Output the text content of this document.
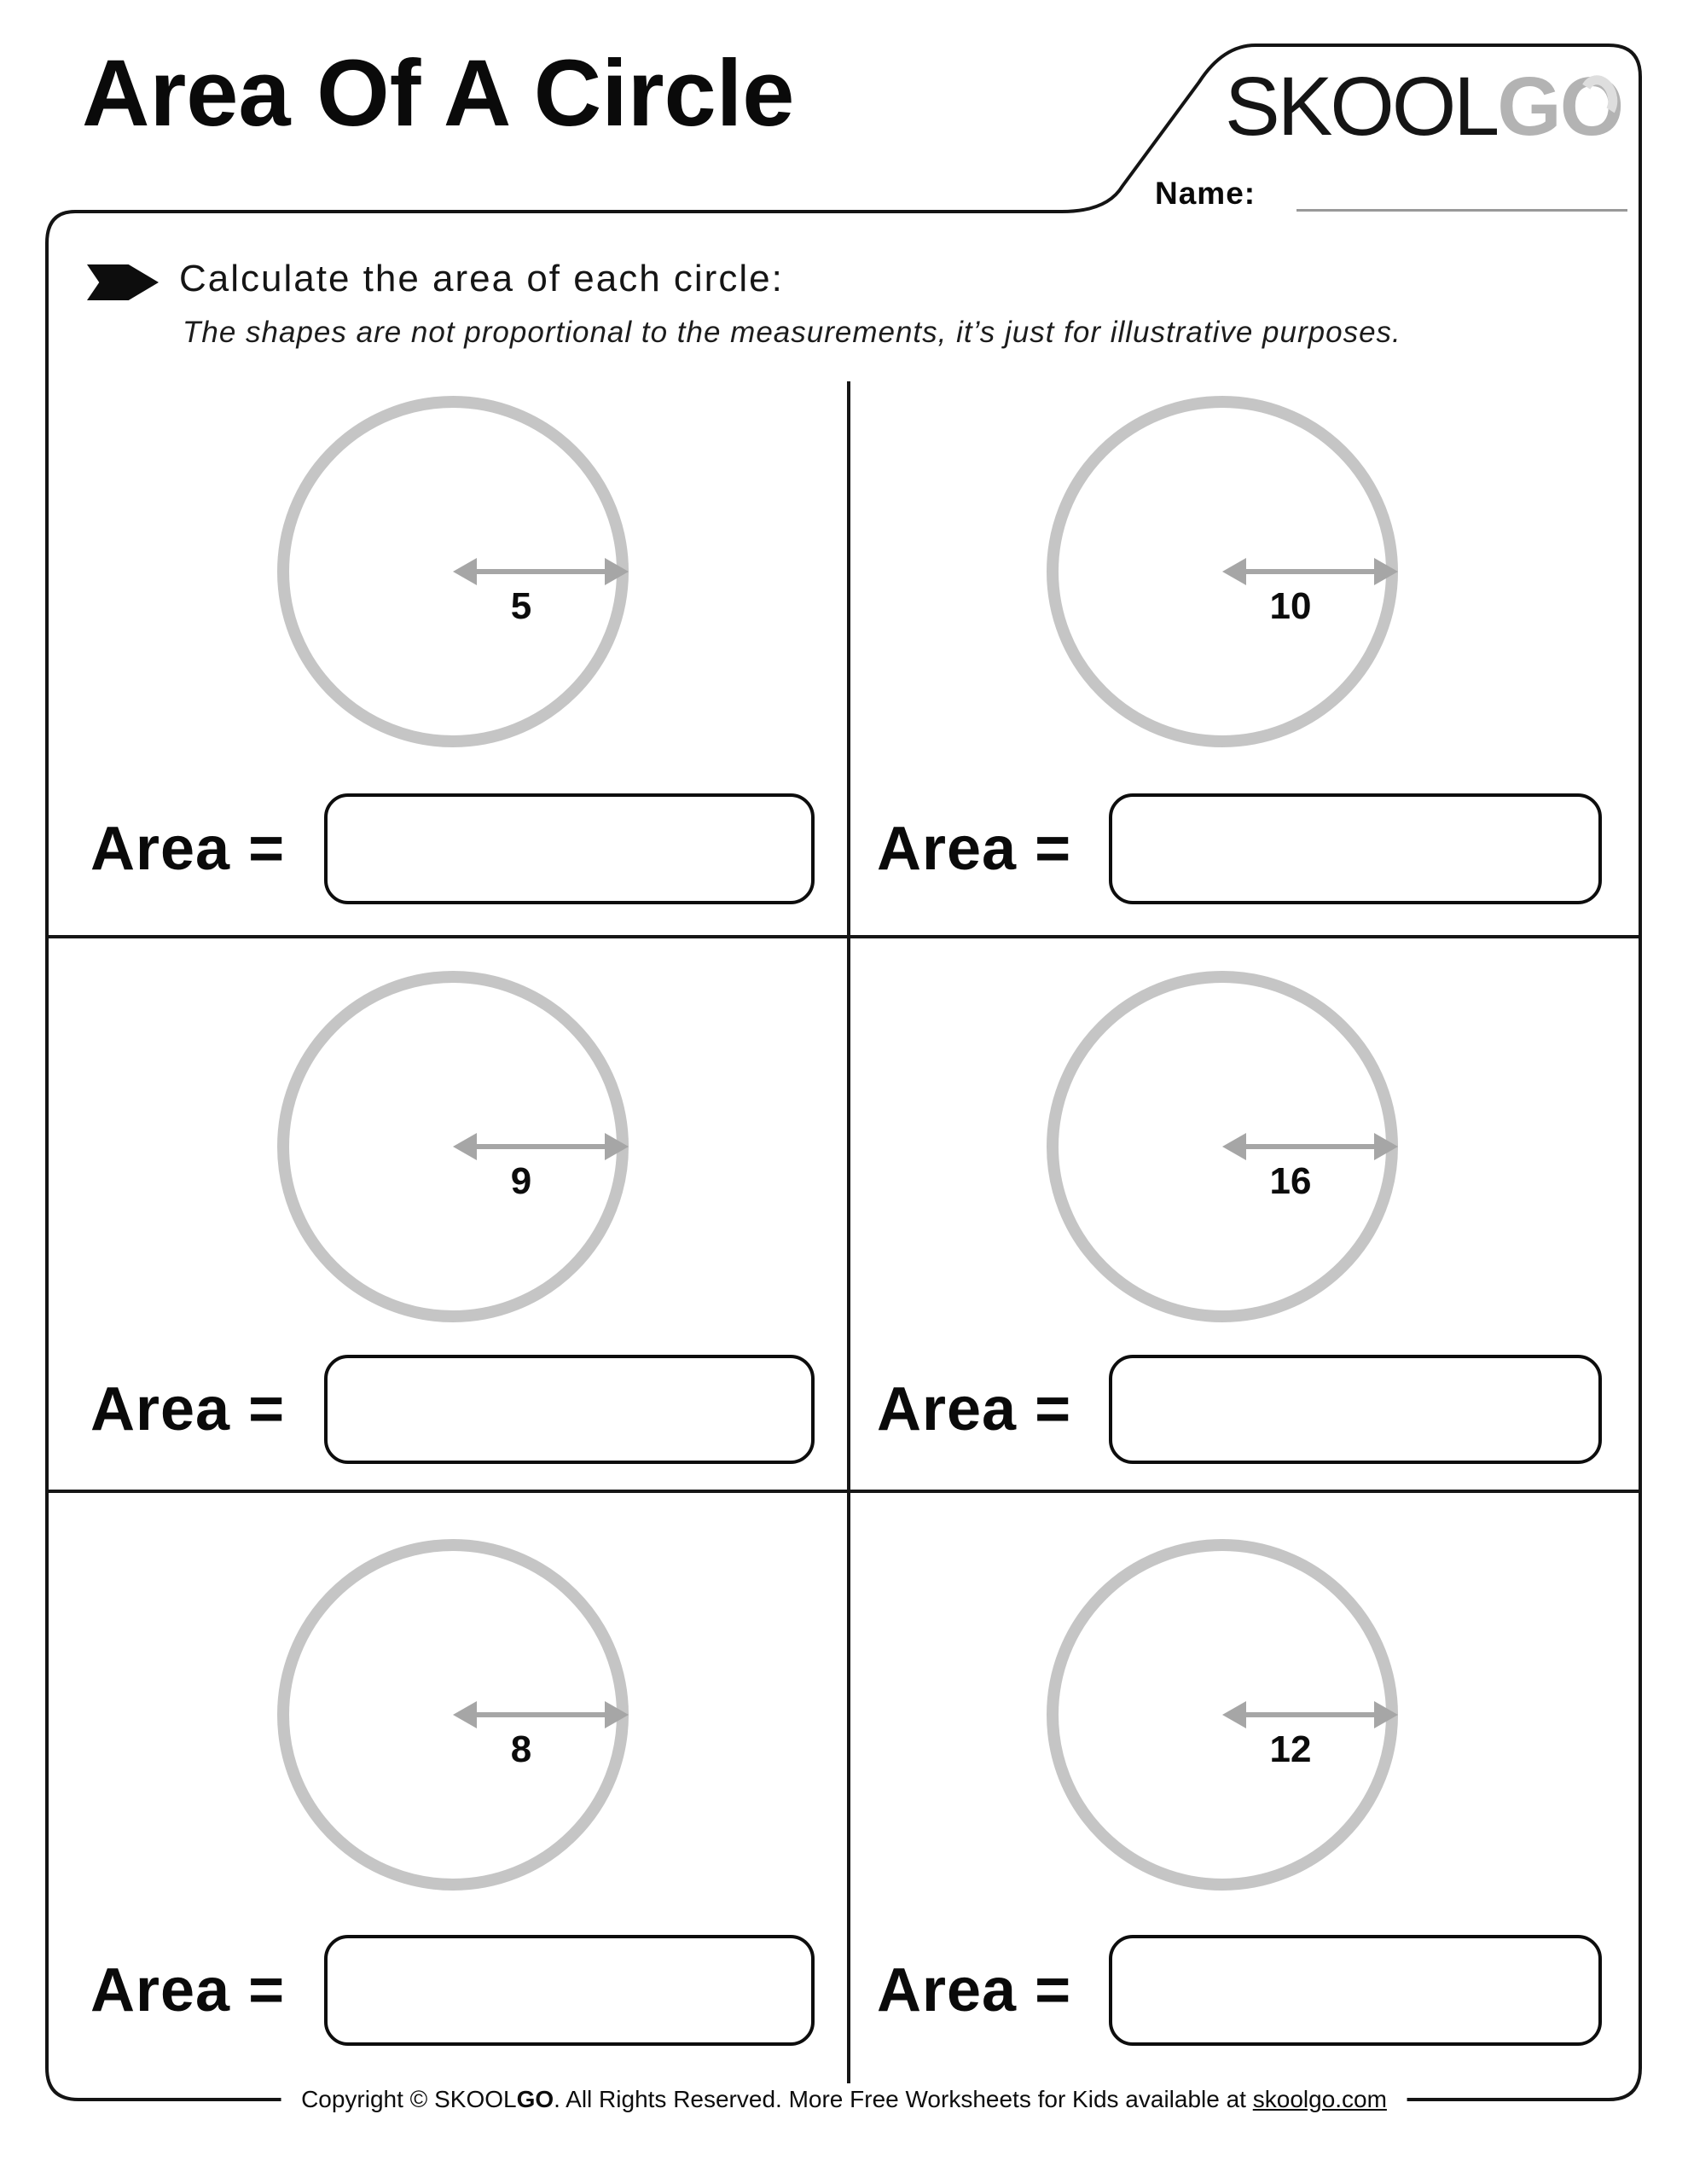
Area Of A Circle	SKOOLGO
Name:
Calculate the area of each circle:
The shapes are not proportional to the measurements, it’s just for illustrative purposes.
5
Area =
10
Area =
9
Area =
16
Area =
8
Area =
12
Area =
Copyright © SKOOLGO. All Rights Reserved. More Free Worksheets for Kids available at skoolgo.com
